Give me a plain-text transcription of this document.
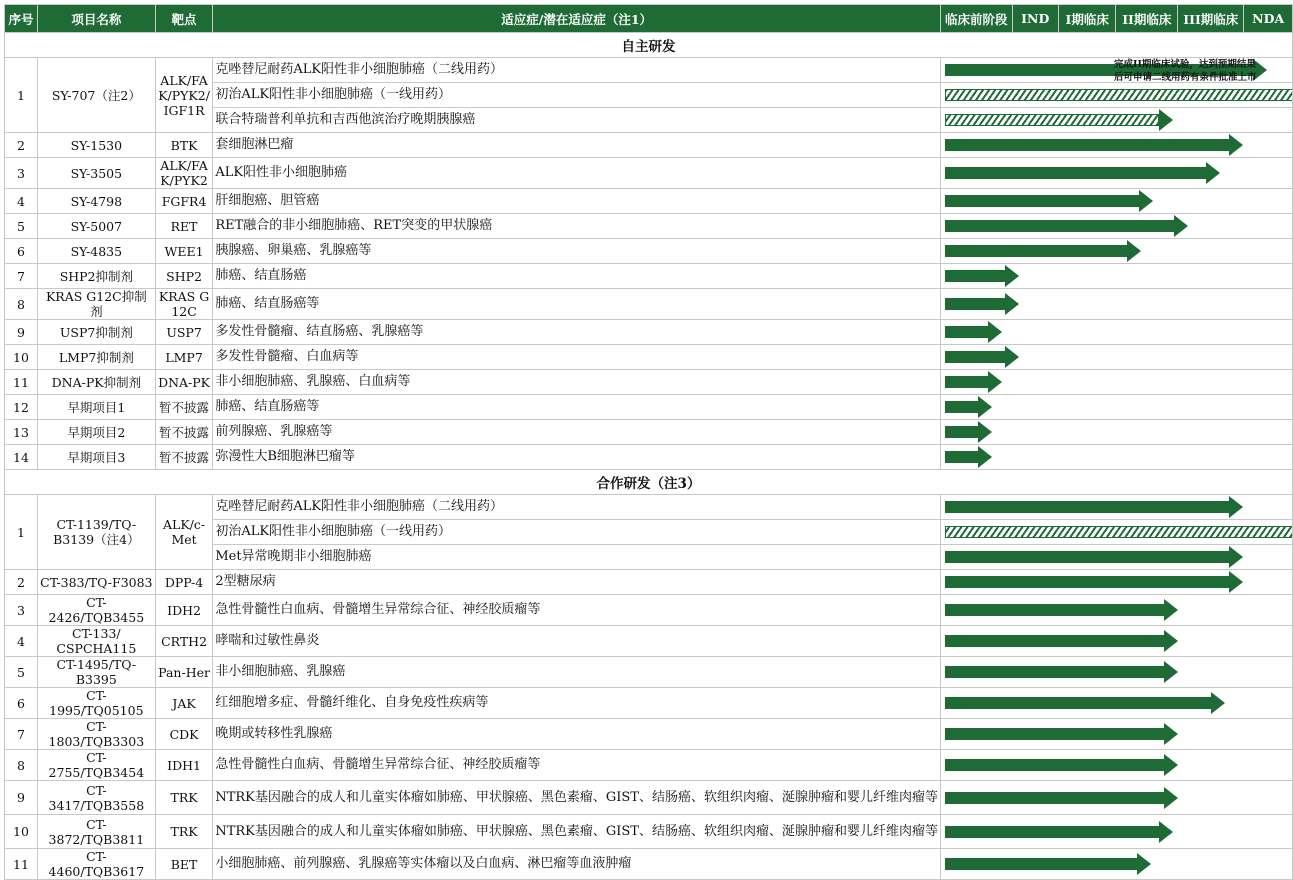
序号	项目名称	靶点	适应症/潜在适应症（注1）	临床前阶段	IND	I期临床	II期临床	III期临床	NDA
自主研发									
1	SY-707（注2）	ALK/FAK/PYK2/IGF1R	克唑替尼耐药ALK阳性非小细胞肺癌（二线用药）						

			初治ALK阳性非小细胞肺癌（一线用药）						

			联合特瑞普利单抗和吉西他滨治疗晚期胰腺癌						

2	SY-1530	BTK	套细胞淋巴瘤						

3	SY-3505	ALK/FAK/PYK2	ALK阳性非小细胞肺癌						

4	SY-4798	FGFR4	肝细胞癌、胆管癌						

5	SY-5007	RET	RET融合的非小细胞肺癌、RET突变的甲状腺癌						

6	SY-4835	WEE1	胰腺癌、卵巢癌、乳腺癌等						

7	SHP2抑制剂	SHP2	肺癌、结直肠癌						

8	KRAS G12C抑制剂	KRAS G12C	肺癌、结直肠癌等						

9	USP7抑制剂	USP7	多发性骨髓瘤、结直肠癌、乳腺癌等						

10	LMP7抑制剂	LMP7	多发性骨髓瘤、白血病等						

11	DNA-PK抑制剂	DNA-PK	非小细胞肺癌、乳腺癌、白血病等						

12	早期项目1	暂不披露	肺癌、结直肠癌等						

13	早期项目2	暂不披露	前列腺癌、乳腺癌等						

14	早期项目3	暂不披露	弥漫性大B细胞淋巴瘤等						

合作研发（注3）									
1	CT-1139/TQ-B3139（注4）	ALK/c-Met	克唑替尼耐药ALK阳性非小细胞肺癌（二线用药）						

			初治ALK阳性非小细胞肺癌（一线用药）						

			Met异常晚期非小细胞肺癌						

2	CT-383/TQ-F3083	DPP-4	2型糖尿病						

3	CT-2426/TQB3455	IDH2	急性骨髓性白血病、骨髓增生异常综合征、神经胶质瘤等						

4	CT-133/ CSPCHA115	CRTH2	哮喘和过敏性鼻炎						

5	CT-1495/TQ-B3395	Pan-Her	非小细胞肺癌、乳腺癌						

6	CT-1995/TQ05105	JAK	红细胞增多症、骨髓纤维化、自身免疫性疾病等						

7	CT-1803/TQB3303	CDK	晚期或转移性乳腺癌						

8	CT-2755/TQB3454	IDH1	急性骨髓性白血病、骨髓增生异常综合征、神经胶质瘤等						

9	CT-3417/TQB3558	TRK	NTRK基因融合的成人和儿童实体瘤如肺癌、甲状腺癌、黑色素瘤、GIST、结肠癌、软组织肉瘤、涎腺肿瘤和婴儿纤维肉瘤等						

10	CT-3872/TQB3811	TRK	NTRK基因融合的成人和儿童实体瘤如肺癌、甲状腺癌、黑色素瘤、GIST、结肠癌、软组织肉瘤、涎腺肿瘤和婴儿纤维肉瘤等						

11	CT-4460/TQB3617	BET	小细胞肺癌、前列腺癌、乳腺癌等实体瘤以及白血病、淋巴瘤等血液肿瘤						
完成II期临床试验，达到预期结果
后可申请二线用药有条件批准上市
